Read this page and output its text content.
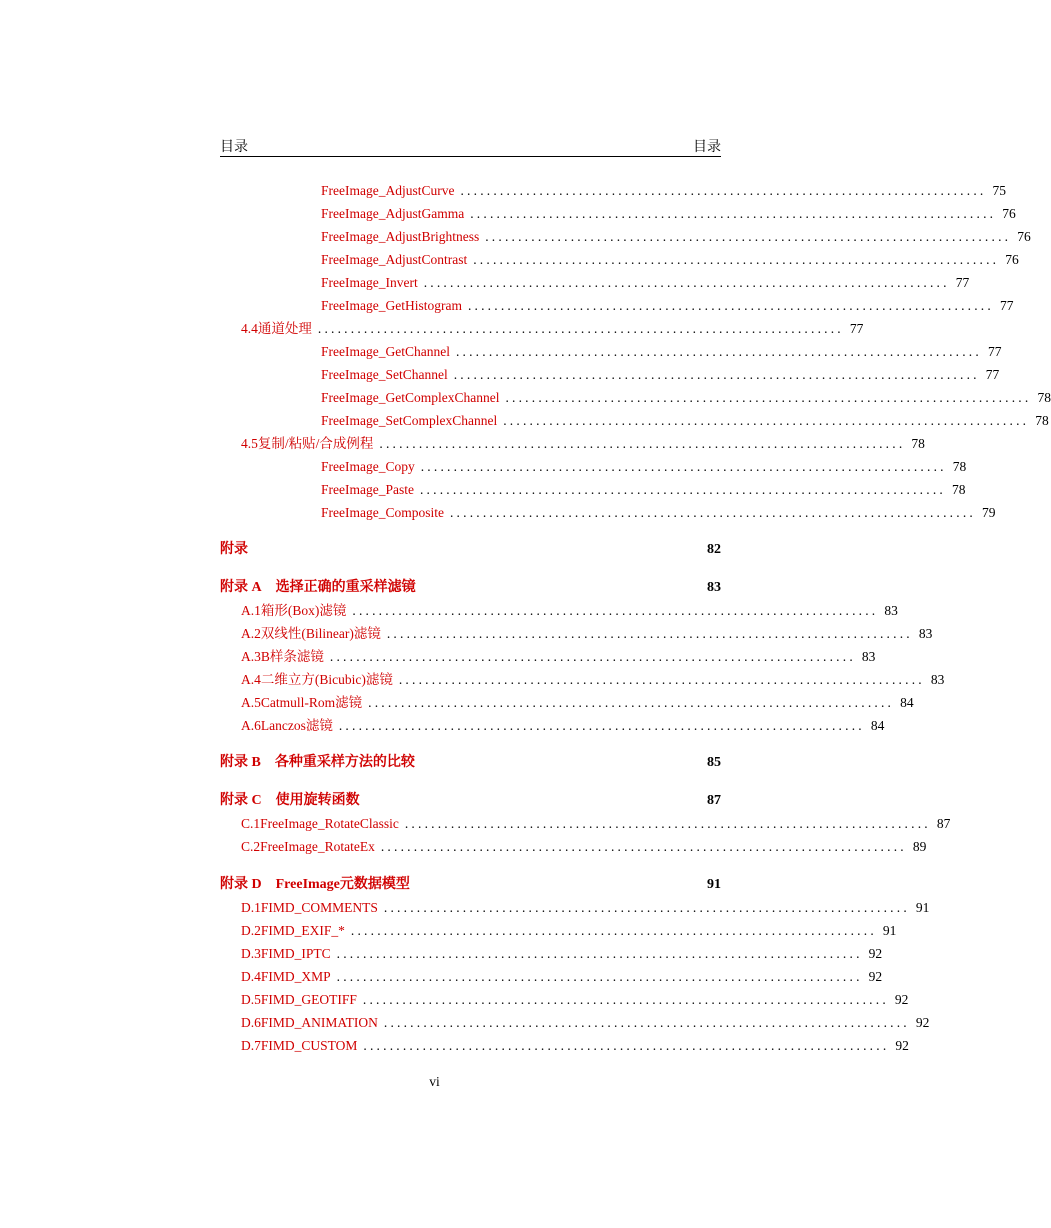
目录	目录
FreeImage_AdjustCurve ................................................................................ 75
FreeImage_AdjustGamma ................................................................................ 76
FreeImage_AdjustBrightness ................................................................................ 76
FreeImage_AdjustContrast ................................................................................ 76
FreeImage_Invert ................................................................................ 77
FreeImage_GetHistogram ................................................................................ 77
4.4 通道处理 ................................................................................ 77
FreeImage_GetChannel ................................................................................ 77
FreeImage_SetChannel ................................................................................ 77
FreeImage_GetComplexChannel ................................................................................ 78
FreeImage_SetComplexChannel ................................................................................ 78
4.5 复制/粘贴/合成例程 ................................................................................ 78
FreeImage_Copy ................................................................................ 78
FreeImage_Paste ................................................................................ 78
FreeImage_Composite ................................................................................ 79
附录	82
附录 A 选择正确的重采样滤镜	83
A.1 箱形(Box)滤镜 ................................................................................ 83
A.2 双线性(Bilinear)滤镜 ................................................................................ 83
A.3 B样条滤镜 ................................................................................ 83
A.4 二维立方(Bicubic)滤镜 ................................................................................ 83
A.5 Catmull-Rom滤镜 ................................................................................ 84
A.6 Lanczos滤镜 ................................................................................ 84
附录 B 各种重采样方法的比较	85
附录 C 使用旋转函数	87
C.1 FreeImage_RotateClassic ................................................................................ 87
C.2 FreeImage_RotateEx ................................................................................ 89
附录 D FreeImage元数据模型	91
D.1 FIMD_COMMENTS ................................................................................ 91
D.2 FIMD_EXIF_* ................................................................................ 91
D.3 FIMD_IPTC ................................................................................ 92
D.4 FIMD_XMP ................................................................................ 92
D.5 FIMD_GEOTIFF ................................................................................ 92
D.6 FIMD_ANIMATION ................................................................................ 92
D.7 FIMD_CUSTOM ................................................................................ 92
vi
